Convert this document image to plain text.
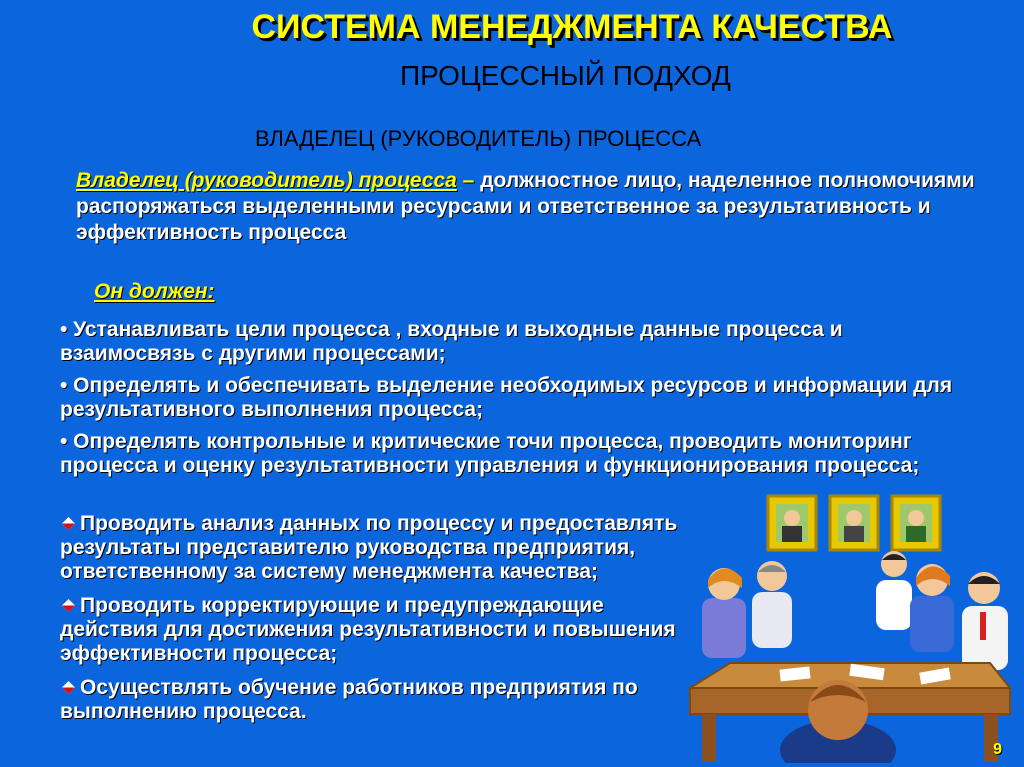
СИСТЕМА МЕНЕДЖМЕНТА КАЧЕСТВА
ПРОЦЕССНЫЙ ПОДХОД
ВЛАДЕЛЕЦ (РУКОВОДИТЕЛЬ) ПРОЦЕССА
Владелец (руководитель) процесса – должностное лицо, наделенное полномочиями распоряжаться выделенными ресурсами и ответственное за результативность и эффективность процесса
Он должен:
• Устанавливать цели процесса , входные и выходные данные процесса и взаимосвязь с другими процессами;
• Определять и обеспечивать выделение необходимых ресурсов и информации для результативного выполнения процесса;
• Определять контрольные и критические точи процесса, проводить мониторинг процесса и оценку результативности управления и функционирования процесса;
Проводить анализ данных по процессу и предоставлять результаты представителю руководства предприятия, ответственному за систему менеджмента качества;
Проводить корректирующие и предупреждающие действия для достижения результативности и повышения эффективности процесса;
Осуществлять обучение работников предприятия по выполнению процесса.
9
